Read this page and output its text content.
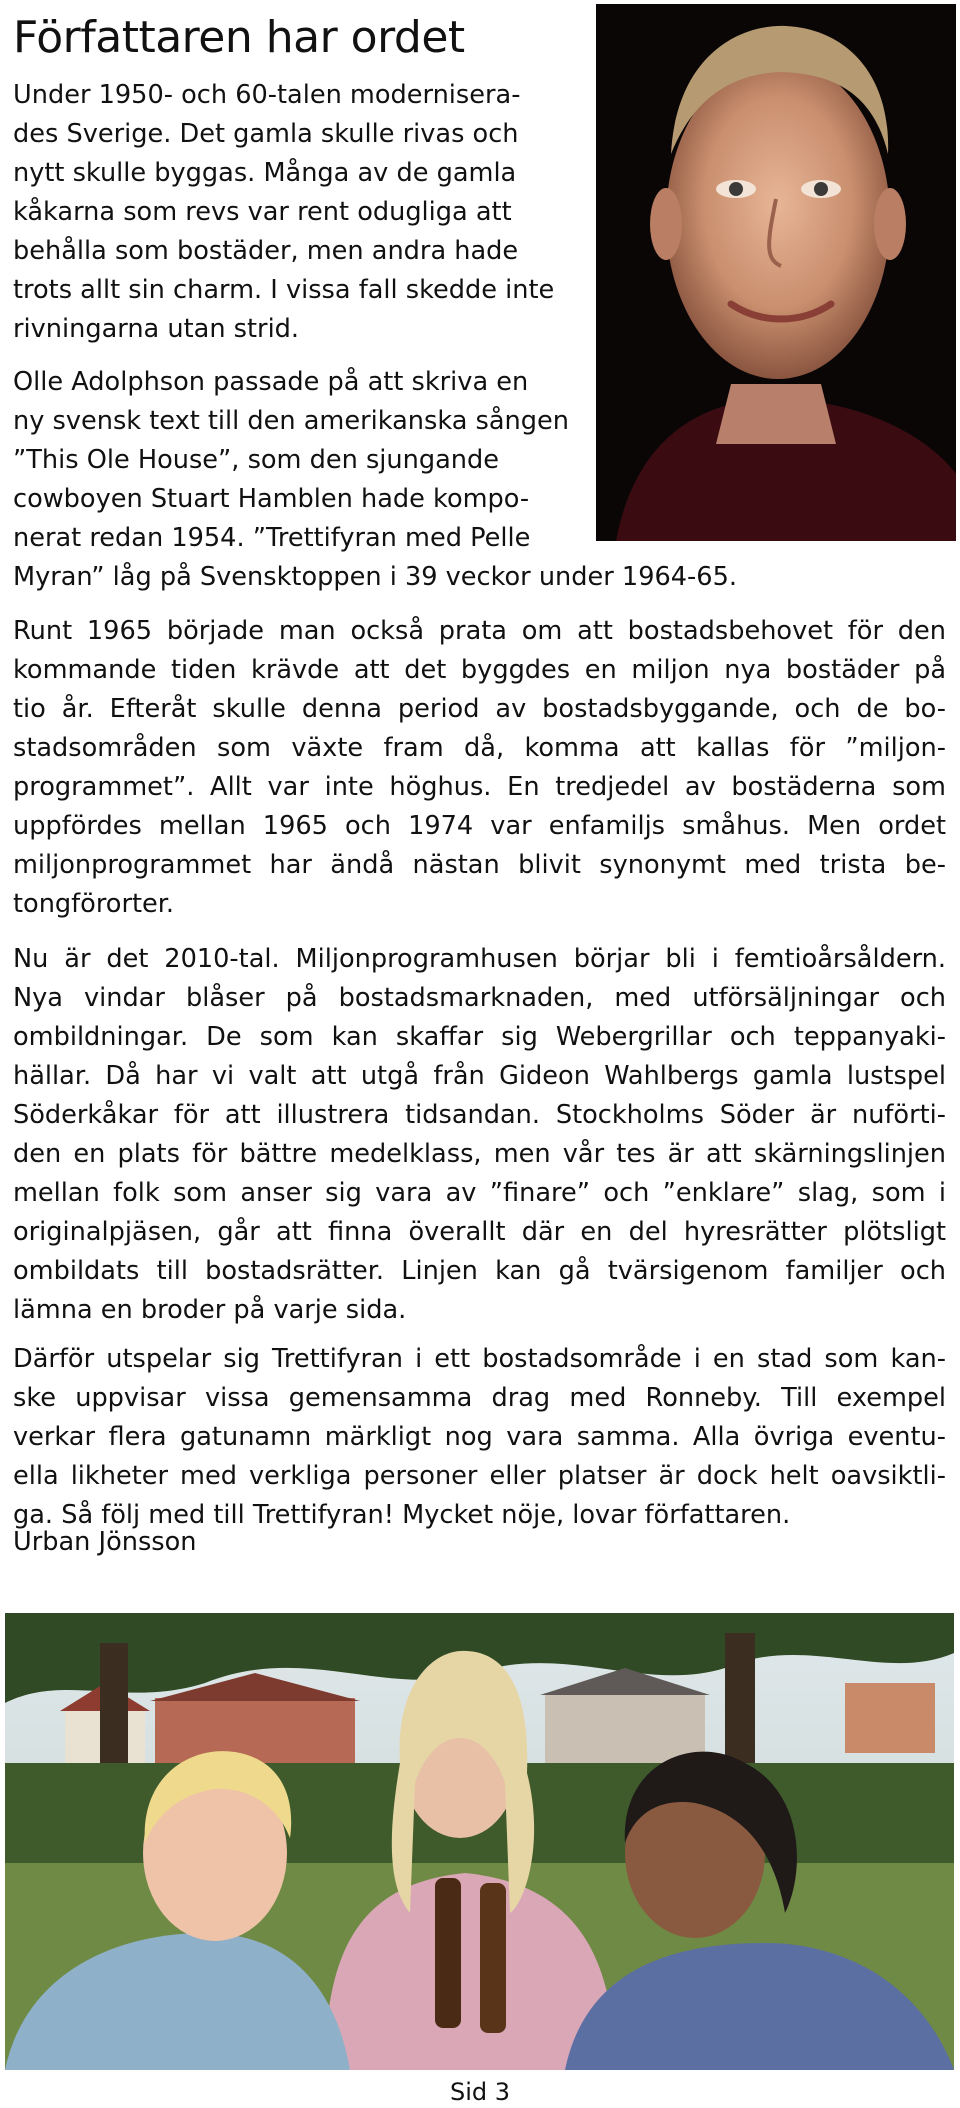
Författaren har ordet
Under 1950- och 60-talen modernisera-
des Sverige. Det gamla skulle rivas och
nytt skulle byggas. Många av de gamla
kåkarna som revs var rent odugliga att
behålla som bostäder, men andra hade
trots allt sin charm. I vissa fall skedde inte
rivningarna utan strid.
Olle Adolphson passade på att skriva en
ny svensk text till den amerikanska sången
”This Ole House”, som den sjungande
cowboyen Stuart Hamblen hade kompo-
nerat redan 1954. ”Trettifyran med Pelle
Myran” låg på Svensktoppen i 39 veckor under 1964-65.
Runt 1965 började man också prata om att bostadsbehovet för den
kommande tiden krävde att det byggdes en miljon nya bostäder på
tio år. Efteråt skulle denna period av bostadsbyggande, och de bo-
stadsområden som växte fram då, komma att kallas för ”miljon-
programmet”. Allt var inte höghus. En tredjedel av bostäderna som
uppfördes mellan 1965 och 1974 var enfamiljs småhus. Men ordet
miljonprogrammet har ändå nästan blivit synonymt med trista be-
tongförorter.
Nu är det 2010-tal. Miljonprogramhusen börjar bli i femtioårsåldern.
Nya vindar blåser på bostadsmarknaden, med utförsäljningar och
ombildningar. De som kan skaffar sig Webergrillar och teppanyaki-
hällar. Då har vi valt att utgå från Gideon Wahlbergs gamla lustspel
Söderkåkar för att illustrera tidsandan. Stockholms Söder är nuförti-
den en plats för bättre medelklass, men vår tes är att skärningslinjen
mellan folk som anser sig vara av ”finare” och ”enklare” slag, som i
originalpjäsen, går att finna överallt där en del hyresrätter plötsligt
ombildats till bostadsrätter. Linjen kan gå tvärsigenom familjer och
lämna en broder på varje sida.
Därför utspelar sig Trettifyran i ett bostadsområde i en stad som kan-
ske uppvisar vissa gemensamma drag med Ronneby. Till exempel
verkar flera gatunamn märkligt nog vara samma. Alla övriga eventu-
ella likheter med verkliga personer eller platser är dock helt oavsiktli-
ga. Så följ med till Trettifyran! Mycket nöje, lovar författaren.
Urban Jönsson
Sid 3
